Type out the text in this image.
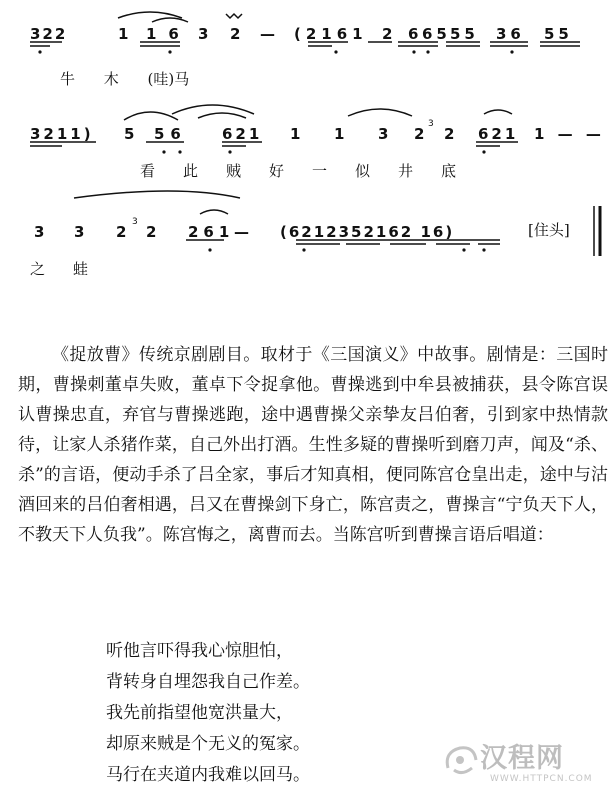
322	1 16 3 2 — (2161 2 6 65 55 36 55
牛 木 (哇)马
3211) 5 56 621 1 1 3 2
3
2 621 1 — —
看此贼好一似井底
3 3 2
3
2 261 — (6212352162 16)	[住头]
之蛙

《捉放曹》传统京剧剧目。取材于《三国演义》中故事。剧情是：三国时期，曹操刺董卓失败，董卓下令捉拿他。曹操逃到中牟县被捕获，县令陈宫误认曹操忠直，弃官与曹操逃跑，途中遇曹操父亲挚友吕伯奢，引到家中热情款待，让家人杀猪作菜，自己外出打酒。生性多疑的曹操听到磨刀声，闻及“杀、杀”的言语，便动手杀了吕全家，事后才知真相，便同陈宫仓皇出走，途中与沽酒回来的吕伯奢相遇，吕又在曹操剑下身亡，陈宫责之，曹操言“宁负天下人，不教天下人负我”。陈宫悔之，离曹而去。当陈宫听到曹操言语后唱道：

听他言吓得我心惊胆怕，
背转身自埋怨我自己作差。
我先前指望他宽洪量大，
却原来贼是个无义的冤家。
马行在夹道内我难以回马。
汉程网
WWW.HTTPCN.COM
